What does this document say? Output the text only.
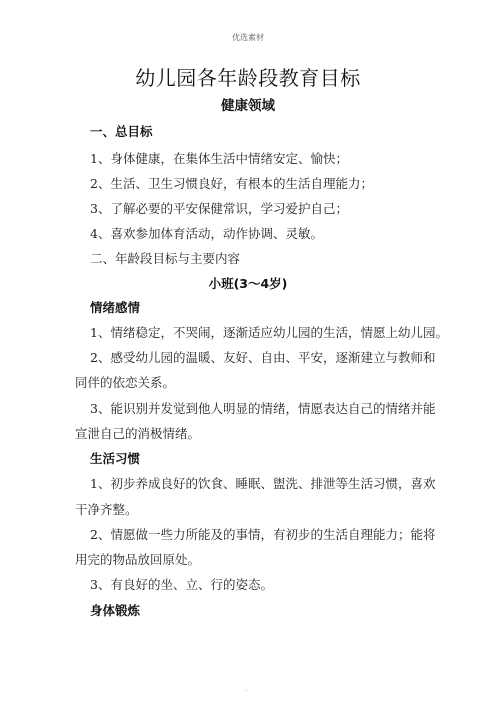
优选素材
幼儿园各年龄段教育目标
健康领域
一、总目标
1、身体健康，在集体生活中情绪安定、愉快；
2、生活、卫生习惯良好，有根本的生活自理能力；
3、了解必要的平安保健常识，学习爱护自己；
4、喜欢参加体育活动，动作协调、灵敏。
二、年龄段目标与主要内容
小班(3～4岁)
情绪感情
1、情绪稳定，不哭闹，逐渐适应幼儿园的生活，情愿上幼儿园。
2、感受幼儿园的温暖、友好、自由、平安，逐渐建立与教师和
同伴的依恋关系。
3、能识别并发觉到他人明显的情绪，情愿表达自己的情绪并能
宣泄自己的消极情绪。
生活习惯
1、初步养成良好的饮食、睡眠、盥洗、排泄等生活习惯，喜欢
干净齐整。
2、情愿做一些力所能及的事情，有初步的生活自理能力；能将
用完的物品放回原处。
3、有良好的坐、立、行的姿态。
身体锻炼
